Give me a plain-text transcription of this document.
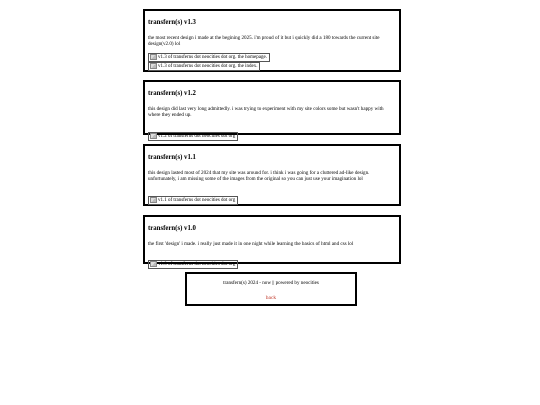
transfern(s) v1.3

the most recent design i made at the begining 2025. i'm proud of it but i quickly did a 180 towards the current site design(v2.0) lol

v1.3 of transferns dot neocities dot org. the homepage.
v1.3 of transferns dot neocities dot org. the index.
transfern(s) v1.2

this design did last very long admittedly. i was trying to experiment with my site colors some but wasn't happy with where they ended up.

v1.2 of transferns dot neocities dot org
transfern(s) v1.1

this design lasted most of 2024 that my site was around for. i think i was going for a cluttered ad-like design. unfortunately, i am missing some of the images from the original so you can just use your imagination lol

v1.1 of transferns dot neocities dot org
transfern(s) v1.0

the first 'design' i made. i really just made it in one night while learning the basics of html and css lol

v1.0 of transferns dot neocities dot org
transfern(s) 2024 - now || powered by neocities
back
